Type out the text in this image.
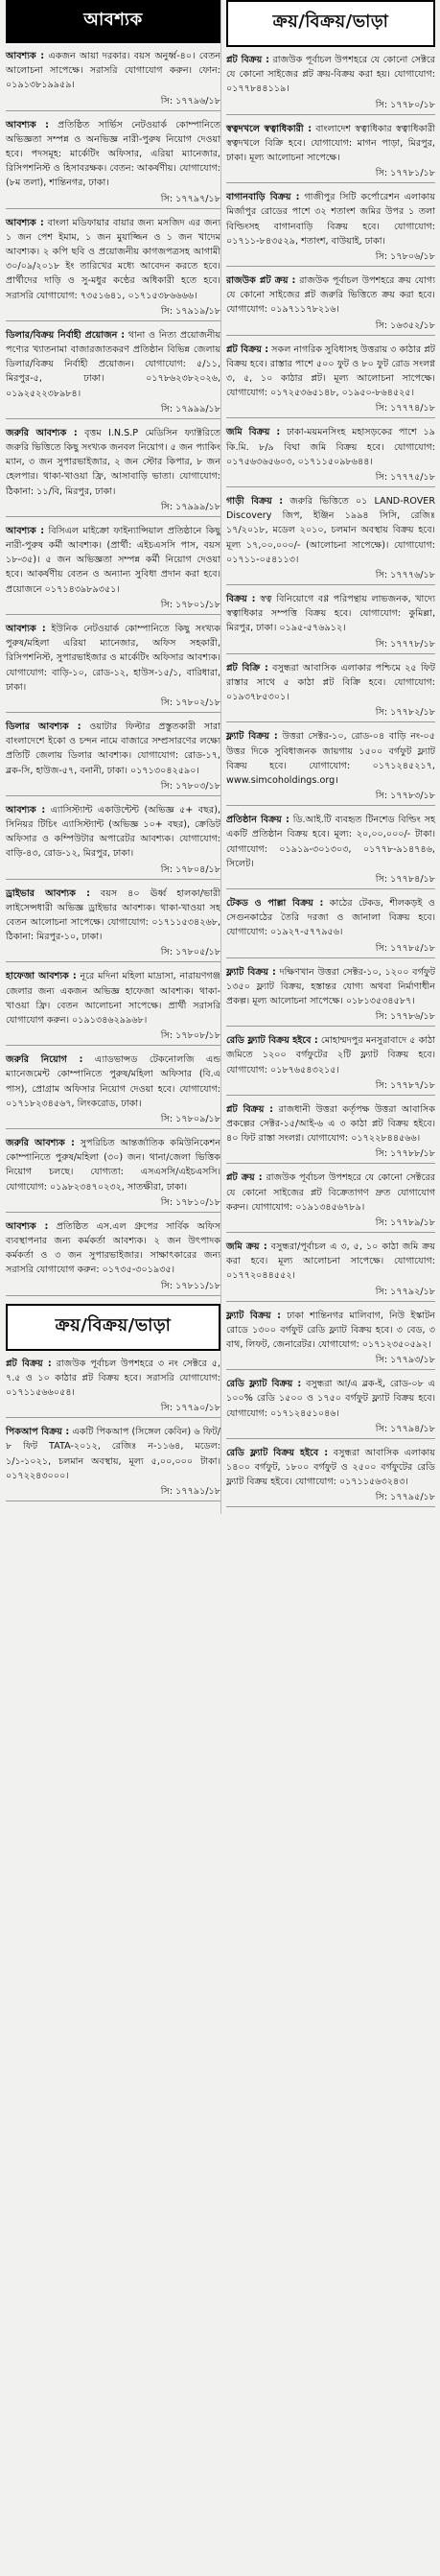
আবশ্যক
আবশ্যক : একজন আয়া দরকার। বয়স অনুর্ধ্ব-৪০। বেতন আলোচনা সাপেক্ষে। সরাসরি যোগাযোগ করুন। ফোন: ০১৯১৩৮১৯৯৫৯।
সি: ১৭৭৯৬/১৮
আবশ্যক : প্রতিষ্ঠিত সার্ভিস নেটওয়ার্ক কোম্পানিতে অভিজ্ঞতা সম্পন্ন ও অনভিজ্ঞ নারী-পুরুষ নিয়োগ দেওয়া হবে। পদসমূহ: মার্কেটিং অফিসার, এরিয়া ম্যানেজার, রিসিপশনিস্ট ও হিসাবরক্ষক। বেতন: আকর্ষণীয়। যোগাযোগ: (৮ম তলা), শান্তিনগর, ঢাকা।
সি: ১৭৭৯৭/১৮
আবশ্যক : বাংলা মডিফায়ার বায়ার জন্য মসজিদ এর জন্য ১ জন পেশ ইমাম, ১ জন মুয়াজ্জিন ও ১ জন খাদেম আবশ্যক। ২ কপি ছবি ও প্রয়োজনীয় কাগজপত্রসহ আগামী ৩০/০৯/২০১৮ ইং তারিখের মধ্যে আবেদন করতে হবে। প্রার্থীদের দাড়ি ও সু-মধুর কণ্ঠের অধিকারী হতে হবে। সরাসরি যোগাযোগ: ৭৩৫১৬৪১, ০১৭১৫৩৮৬৬৬৬।
সি: ১৭৯১৯/১৮
ডিলার/বিক্রয় নির্বাহী প্রয়োজন : থানা ও নিত্য প্রয়োজনীয় পণ্যের খ্যাতনামা বাজারজাতকরণ প্রতিষ্ঠান বিভিন্ন জেলায় ডিলার/বিক্রয় নির্বাহী প্রয়োজন। যোগাযোগ: ৫/১১, মিরপুর-৫, ঢাকা। ০১৭৮৬২৩৮২০২৬, ০১৯২৫২২৩৮৯৮৪।
সি: ১৭৯৯৯/১৮
জরুরি আবশ্যক : বৃত্তম I.N.S.P মেডিসিন ফ্যাক্টরিতে জরুরি ভিত্তিতে কিছু সংখ্যক জনবল নিয়োগ। ৫ জন প্যাকিং ম্যান, ৩ জন সুপারভাইজার, ২ জন স্টোর কিপার, ৮ জন হেলপার। থাকা-খাওয়া ফ্রি, আসাবাড়ি ভাতা। যোগাযোগ: ঠিকানা: ১১/বি, মিরপুর, ঢাকা।
সি: ১৭৯৯৯/১৮
আবশ্যক : বিসিএল মাইক্রো ফাইন্যান্সিয়াল প্রতিষ্ঠানে কিছু নারী-পুরুষ কর্মী আবশ্যক। (প্রার্থী: এইচএসসি পাস, বয়স ১৮-৩৫)। ৫ জন অভিজ্ঞতা সম্পন্ন কর্মী নিয়োগ দেওয়া হবে। আকর্ষণীয় বেতন ও অন্যান্য সুবিধা প্রদান করা হবে। প্রয়োজনে ০১৭১৪৩৯৮৯৩৫১।
সি: ১৭৮০১/১৮
আবশ্যক : ইউনিক নেটওয়ার্ক কোম্পানিতে কিছু সংখ্যক পুরুষ/মহিলা এরিয়া ম্যানেজার, অফিস সহকারী, রিসিপশনিস্ট, সুপারভাইজার ও মার্কেটিং অফিসার আবশ্যক। যোগাযোগ: বাড়ি-১০, রোড-১২, হাউস-১৫/১, বারিধারা, ঢাকা।
সি: ১৭৮০২/১৮
ডিলার আবশ্যক : ওয়াটার ফিল্টার প্রস্তুতকারী সারা বাংলাদেশে ইকো ও চন্দন নামে বাজারে সম্প্রসারণের লক্ষ্যে প্রতিটি জেলায় ডিলার আবশ্যক। যোগাযোগ: রোড-১৭, ব্লক-সি, হাউজ-৫৭, বনানী, ঢাকা। ০১৭১৩০৪২৫৯০।
সি: ১৭৮০৩/১৮
আবশ্যক : এ্যাসিস্ট্যান্ট একাউন্টেন্ট (অভিজ্ঞ ৫+ বছর), সিনিয়র টিচিং এ্যাসিস্ট্যান্ট (অভিজ্ঞ ১০+ বছর), ক্রেডিট অফিসার ও কম্পিউটার অপারেটর আবশ্যক। যোগাযোগ: বাড়ি-৪৩, রোড-১২, মিরপুর, ঢাকা।
সি: ১৭৮০৪/১৮
ড্রাইভার আবশ্যক : বয়স ৪০ ঊর্ধ্ব হালকা/ভারী লাইসেন্সধারী অভিজ্ঞ ড্রাইভার আবশ্যক। থাকা-খাওয়া সহ বেতন আলোচনা সাপেক্ষে। যোগাযোগ: ০১৭১১৫৩৪২৬৮, ঠিকানা: মিরপুর-১০, ঢাকা।
সি: ১৭৮০৫/১৮
হাফেজা আবশ্যক : নূরে মদিনা মহিলা মাদ্রাসা, নারায়ণগঞ্জ জেলার জন্য একজন অভিজ্ঞ হাফেজা আবশ্যক। থাকা-খাওয়া ফ্রি। বেতন আলোচনা সাপেক্ষে। প্রার্থী সরাসরি যোগাযোগ করুন। ০১৯১৩৪৬২৯৯৬৮।
সি: ১৭৮০৮/১৮
জরুরি নিয়োগ : এ্যাডভান্সড টেকনোলজি এন্ড ম্যানেজমেন্ট কোম্পানিতে পুরুষ/মহিলা অফিসার (বি.এ পাস), প্রোগ্রাম অফিসার নিয়োগ দেওয়া হবে। যোগাযোগ: ০১৭১৮২৩৪৫৬৭, লিংকরোড, ঢাকা।
সি: ১৭৮০৯/১৮
জরুরি আবশ্যক : সুপরিচিত আন্তর্জাতিক কমিউনিকেশন কোম্পানিতে পুরুষ/মহিলা (৩০) জন। থানা/জেলা ভিত্তিক নিয়োগ চলছে। যোগ্যতা: এসএসসি/এইচএসসি। যোগাযোগ: ০১৯৮২৩৪৭০২৩২, সাতক্ষীরা, ঢাকা।
সি: ১৭৮১০/১৮
আবশ্যক : প্রতিষ্ঠিত এস.এল গ্রুপের সার্বিক অফিস ব্যবস্থাপনার জন্য কর্মকর্তা আবশ্যক। ২ জন উৎপাদক কর্মকর্তা ও ৩ জন সুপারভাইজার। সাক্ষাৎকারের জন্য সরাসরি যোগাযোগ করুন: ০১৭৩৫-৩০১৯৩৫।
সি: ১৭৮১১/১৮
ক্রয়/বিক্রয়/ভাড়া
প্লট বিক্রয় : রাজউক পূর্বাচল উপশহরে ৩ নং সেক্টরে ৫, ৭.৫ ও ১০ কাঠার প্লট বিক্রয় হবে। সরাসরি যোগাযোগ: ০১৭১১৫৬৬০৫৪।
সি: ১৭৭৯০/১৮
পিকআপ বিক্রয় : একটি পিকআপ (সিঙ্গেল কেবিন) ৬ ফিট/৮ ফিট TATA-২০১২, রেজিঃ ন-১১৬৪, মডেল: ১/১-১০২১, চলমান অবস্থায়, মূল্য ৫,০০,০০০ টাকা। ০১৭২২৪৩০০০।
সি: ১৭৭৯১/১৮
ক্রয়/বিক্রয়/ভাড়া
প্লট বিক্রয় : রাজউক পূর্বাচল উপশহরে যে কোনো সেক্টরে যে কোনো সাইজের প্লট ক্রয়-বিক্রয় করা হয়। যোগাযোগ: ০১৭৭৮৪৪১১৯।
সি: ১৭৭৮০/১৮
স্বত্বদখলে স্বত্বাধিকারী : বাংলাদেশ স্বত্বাধিকার স্বত্বাধিকারী স্বত্বদখলে বিক্রি হবে। যোগাযোগ: মাগন পাড়া, মিরপুর, ঢাকা। মূল্য আলোচনা সাপেক্ষে।
সি: ১৭৭৮১/১৮
বাগানবাড়ি বিক্রয় : গাজীপুর সিটি কর্পোরেশন এলাকায় মির্জাপুর রোডের পাশে ৩২ শতাংশ জমির উপর ১ তলা বিল্ডিংসহ বাগানবাড়ি বিক্রয় হবে। যোগাযোগ: ০১৭১১-৮৪৩৫২৯, শতাংশ, বাউয়াই, ঢাকা।
সি: ১৭৮০৬/১৮
রাজউক প্লট ক্রয় : রাজউক পূর্বাচল উপশহরে ক্রয় যোগ্য যে কোনো সাইজের প্লট জরুরি ভিত্তিতে ক্রয় করা হবে। যোগাযোগ: ০১৯৭১১৭৮২১৬।
সি: ১৬৩৫২/১৮
প্লট বিক্রয় : সকল নাগরিক সুবিধাসহ উত্তরায় ৩ কাঠার প্লট বিক্রয় হবে। রাস্তার পাশে ৫০০ ফুট ও ৮০ ফুট রোড সংলগ্ন ৩, ৫, ১০ কাঠার প্লট। মূল্য আলোচনা সাপেক্ষে। যোগাযোগ: ০১৭২৫৩৬৫১৪৮, ০১৯৫০-৮৬৪৫২৫।
সি: ১৭৭৭৪/১৮
জমি বিক্রয় : ঢাকা-ময়মনসিংহ মহাসড়কের পাশে ১৯ কি.মি. ৮/৯ বিঘা জমি বিক্রয় হবে। যোগাযোগ: ০১৭৫৬৩৬৫৬০৩, ০১৭১১৫০৯৮৬৪৪।
সি: ১৭৭৭৫/১৮
গাড়ী বিক্রয় : জরুরি ভিত্তিতে ০১ LAND-ROVER Discovery জিপ, ইঞ্জিন ১৯৯৪ সিসি, রেজিঃ ১৭/২০১৮, মডেল ২০১০, চলমান অবস্থায় বিক্রয় হবে। মূল্য ১৭,০০,০০০/- (আলোচনা সাপেক্ষে)। যোগাযোগ: ০১৭১১-০৫৪১১৩।
সি: ১৭৭৭৬/১৮
বিক্রয় : স্বত্ব বিনিয়োগে বণ্ণ পরিপন্থায় লাভজনক, খাদ্যে স্বত্বাধিকার সম্পত্তি বিক্রয় হবে। যোগাযোগ: কুমিল্লা, মিরপুর, ঢাকা। ০১৯৫-৫৭৬৯১২।
সি: ১৭৭৭৮/১৮
প্লট বিক্রি : বসুন্ধরা আবাসিক এলাকার পশ্চিমে ২৫ ফিট রাস্তার সাথে ৫ কাঠা প্লট বিক্রি হবে। যোগাযোগ: ০১৯৩৭৮৫৩০১।
সি: ১৭৭৮২/১৮
ফ্ল্যাট বিক্রয় : উত্তরা সেক্টর-১০, রোড-০৪ বাড়ি নং-০৫ উত্তর দিকে সুবিধাজনক জায়গায় ১৫০০ বর্গফুট ফ্ল্যাট বিক্রয় হবে। যোগাযোগ: ০১৭১২৪৫২১৭, www.simcoholdings.org।
সি: ১৭৭৮৩/১৮
প্রতিষ্ঠান বিক্রয় : ডি.আই.টি ব্যবহৃত টিনশেড বিল্ডিং সহ একটি প্রতিষ্ঠান বিক্রয় হবে। মূল্য: ২০,০০,০০০/- টাকা। যোগাযোগ: ০১৯১৯-৩০১৩০৩, ০১৭৭৮-৯১৪৭৪৬, সিলেট।
সি: ১৭৭৮৪/১৮
টেকড ও পাল্লা বিক্রয় : কাঠের টেকড, শীলকড়ই ও সেগুনকাঠের তৈরি দরজা ও জানালা বিক্রয় হবে। যোগাযোগ: ০১৯২৭-৫৭৭৯৫৬।
সি: ১৭৭৮৫/১৮
ফ্ল্যাট বিক্রয় : দক্ষিণখান উত্তরা সেক্টর-১০, ১২০০ বর্গফুট ১৩৫০ ফ্ল্যাট বিক্রয়, হস্তান্তর যোগ্য অথবা নির্মাণাধীন প্রকল্প। মূল্য আলোচনা সাপেক্ষে। ০১৮১৩৫৩৪৫৮৭।
সি: ১৭৭৮৬/১৮
রেডি ফ্ল্যাট বিক্রয় হইবে : মোহাম্মদপুর মনসুরাবাদে ৫ কাঠা জমিতে ১২০০ বর্গফুটের ২টি ফ্ল্যাট বিক্রয় হবে। যোগাযোগ: ০১৮৭৬৫৪৩২১৫।
সি: ১৭৭৮৭/১৮
প্লট বিক্রয় : রাজধানী উত্তরা কর্তৃপক্ষ উত্তরা আবাসিক প্রকল্পের সেক্টর-১৫/আই-৬ এ ৩ কাঠা প্লট বিক্রয় হইবে। ৪০ ফিট রাস্তা সংলগ্ন। যোগাযোগ: ০১৭২২৮৪৪৫৬৬।
সি: ১৭৭৮৮/১৮
প্লট ক্রয় : রাজউক পূর্বাচল উপশহরে যে কোনো সেক্টরের যে কোনো সাইজের প্লট বিক্রেতাগণ দ্রুত যোগাযোগ করুন। যোগাযোগ: ০১৯১৩৪৫৬৭৮৯।
সি: ১৭৭৮৯/১৮
জমি ক্রয় : বসুন্ধরা/পূর্বাচল এ ৩, ৫, ১০ কাঠা জমি ক্রয় করা হবে। মূল্য আলোচনা সাপেক্ষে। যোগাযোগ: ০১৭৭২০৪৪৫৫২।
সি: ১৭৭৯২/১৮
ফ্ল্যাট বিক্রয় : ঢাকা শান্তিনগর মালিবাগ, নিউ ইস্কাটন রোডে ১৩০০ বর্গফুট রেডি ফ্ল্যাট বিক্রয় হবে। ৩ বেড, ৩ বাথ, লিফট, জেনারেটর। যোগাযোগ: ০১৭১২৩৫০৫৯২।
সি: ১৭৭৯৩/১৮
রেডি ফ্ল্যাট বিক্রয় : বসুন্ধরা আ/এ ব্লক-ই, রোড-০৮ এ ১০০% রেডি ১৫০০ ও ১৭৫০ বর্গফুট ফ্ল্যাট বিক্রয় হবে। যোগাযোগ: ০১৭১২৪৫১০৪৬।
সি: ১৭৭৯৪/১৮
রেডি ফ্ল্যাট বিক্রয় হইবে : বসুন্ধরা আবাসিক এলাকায় ১৪০০ বর্গফুট, ১৮০০ বর্গফুট ও ২৫০০ বর্গফুটের রেডি ফ্ল্যাট বিক্রয় হইবে। যোগাযোগ: ০১৭১১৫৬৩২৪৩।
সি: ১৭৭৯৫/১৮
